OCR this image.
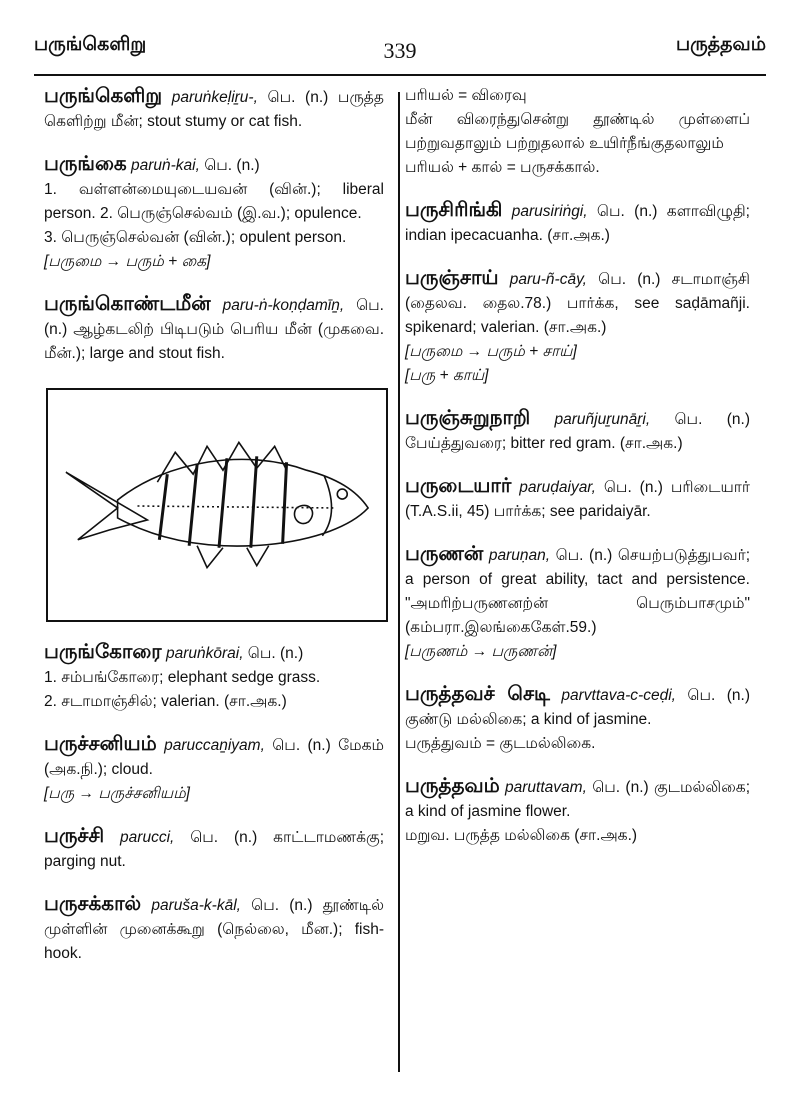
பருங்கெளிறு	339	பருத்தவம்

பருங்கெளிறு paruṅkeḷiṟu-, பெ. (n.) பருத்த கெளிற்று மீன்; stout stumy or cat fish.

பருங்கை paruṅ-kai, பெ. (n.)

1. வள்ளன்மையுடையவன் (வின்.); liberal person. 2. பெருஞ்செல்வம் (இ.வ.); opulence.

3. பெருஞ்செல்வன் (வின்.); opulent person.

[பருமை → பரும் + கை]

பருங்கொண்டமீன் paru-ṅ-koṇḍamīṉ, பெ. (n.) ஆழ்கடலிற் பிடிபடும் பெரிய மீன் (முகவை. மீன்.); large and stout fish.

பருங்கோரை paruṅkōrai, பெ. (n.)

1. சம்பங்கோரை; elephant sedge grass.

2. சடாமாஞ்சில்; valerian. (சா.அக.)

பருச்சனியம் paruccaṉiyam, பெ. (n.) மேகம் (அக.நி.); cloud.

[பரு → பருச்சனியம்]

பருச்சி parucci, பெ. (n.) காட்டாமணக்கு; parging nut.

பருசக்கால் paruša-k-kāl, பெ. (n.) தூண்டில் முள்ளின் முனைக்கூறு (நெல்லை, மீன.); fish-hook.

பரியல் = விரைவு

மீன் விரைந்துசென்று தூண்டில் முள்ளைப் பற்றுவதாலும் பற்றுதலால் உயிர்நீங்குதலாலும்

பரியல் + கால் = பருசக்கால்.

பருசிரிங்கி parusiriṅgi, பெ. (n.) களாவிழுதி; indian ipecacuanha. (சா.அக.)

பருஞ்சாய் paru-ñ-cāy, பெ. (n.) சடாமாஞ்சி (தைலவ. தைல.78.) பார்க்க, see saḍāmañji. spikenard; valerian. (சா.அக.)

[பருமை → பரும் + சாய்]

[பரு + காய்]

பருஞ்சுறுநாறி paruñjuṟunāṟi, பெ. (n.) பேய்த்துவரை; bitter red gram. (சா.அக.)

பருடையார் paruḍaiyar, பெ. (n.) பரிடையார் (T.A.S.ii, 45) பார்க்க; see paridaiyār.

பருணன் paruṇan, பெ. (n.) செயற்படுத்துபவர்; a person of great ability, tact and persistence. "அமரிற்பருணனற்ன் பெரும்பாசமும்" (கம்பரா.இலங்கைகேள்.59.)

[பருணம் → பருணன்]

பருத்தவச் செடி parvttava-c-ceḍi, பெ. (n.) குண்டு மல்லிகை; a kind of jasmine.

பருத்துவம் = குடமல்லிகை.

பருத்தவம் paruttavam, பெ. (n.) குடமல்லிகை; a kind of jasmine flower.

மறுவ. பருத்த மல்லிகை (சா.அக.)
